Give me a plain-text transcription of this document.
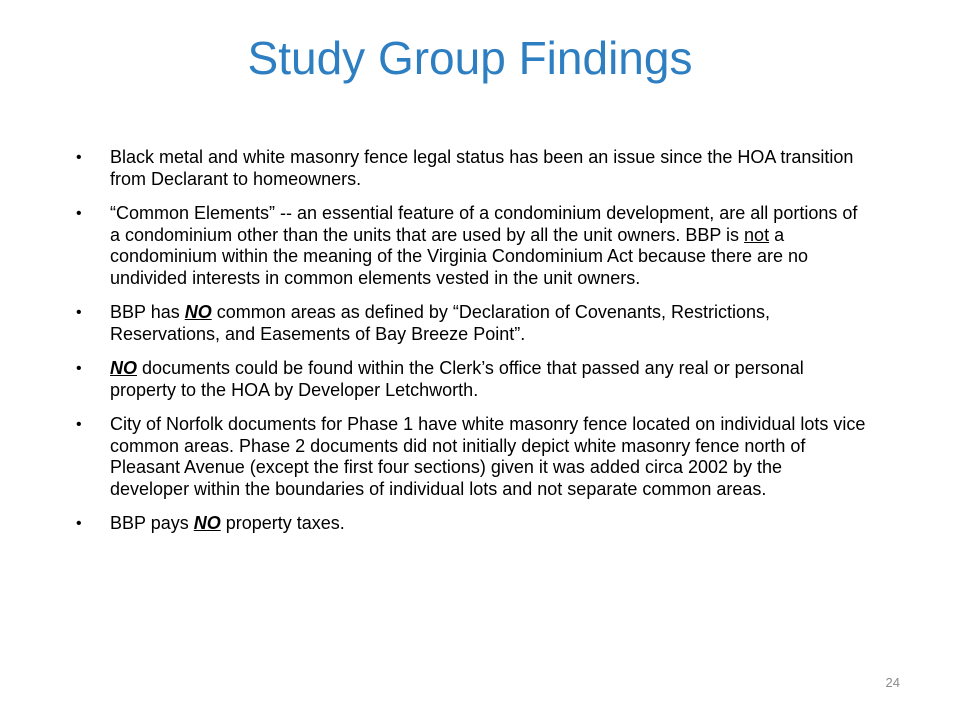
Study Group Findings
•	Black metal and white masonry fence legal status has been an issue since the HOA transition from Declarant to homeowners.
•	“Common Elements” -- an essential feature of a condominium development, are all portions of a condominium other than the units that are used by all the unit owners. BBP is not a condominium within the meaning of the Virginia Condominium Act because there are no undivided interests in common elements vested in the unit owners.
•	BBP has NO common areas as defined by “Declaration of Covenants, Restrictions, Reservations, and Easements of Bay Breeze Point”.
•	NO documents could be found within the Clerk’s office that passed any real or personal property to the HOA by Developer Letchworth.
•	City of Norfolk documents for Phase 1 have white masonry fence located on individual lots vice common areas. Phase 2 documents did not initially depict white masonry fence north of Pleasant Avenue (except the first four sections) given it was added circa 2002 by the developer within the boundaries of individual lots and not separate common areas.
•	BBP pays NO property taxes.
24
